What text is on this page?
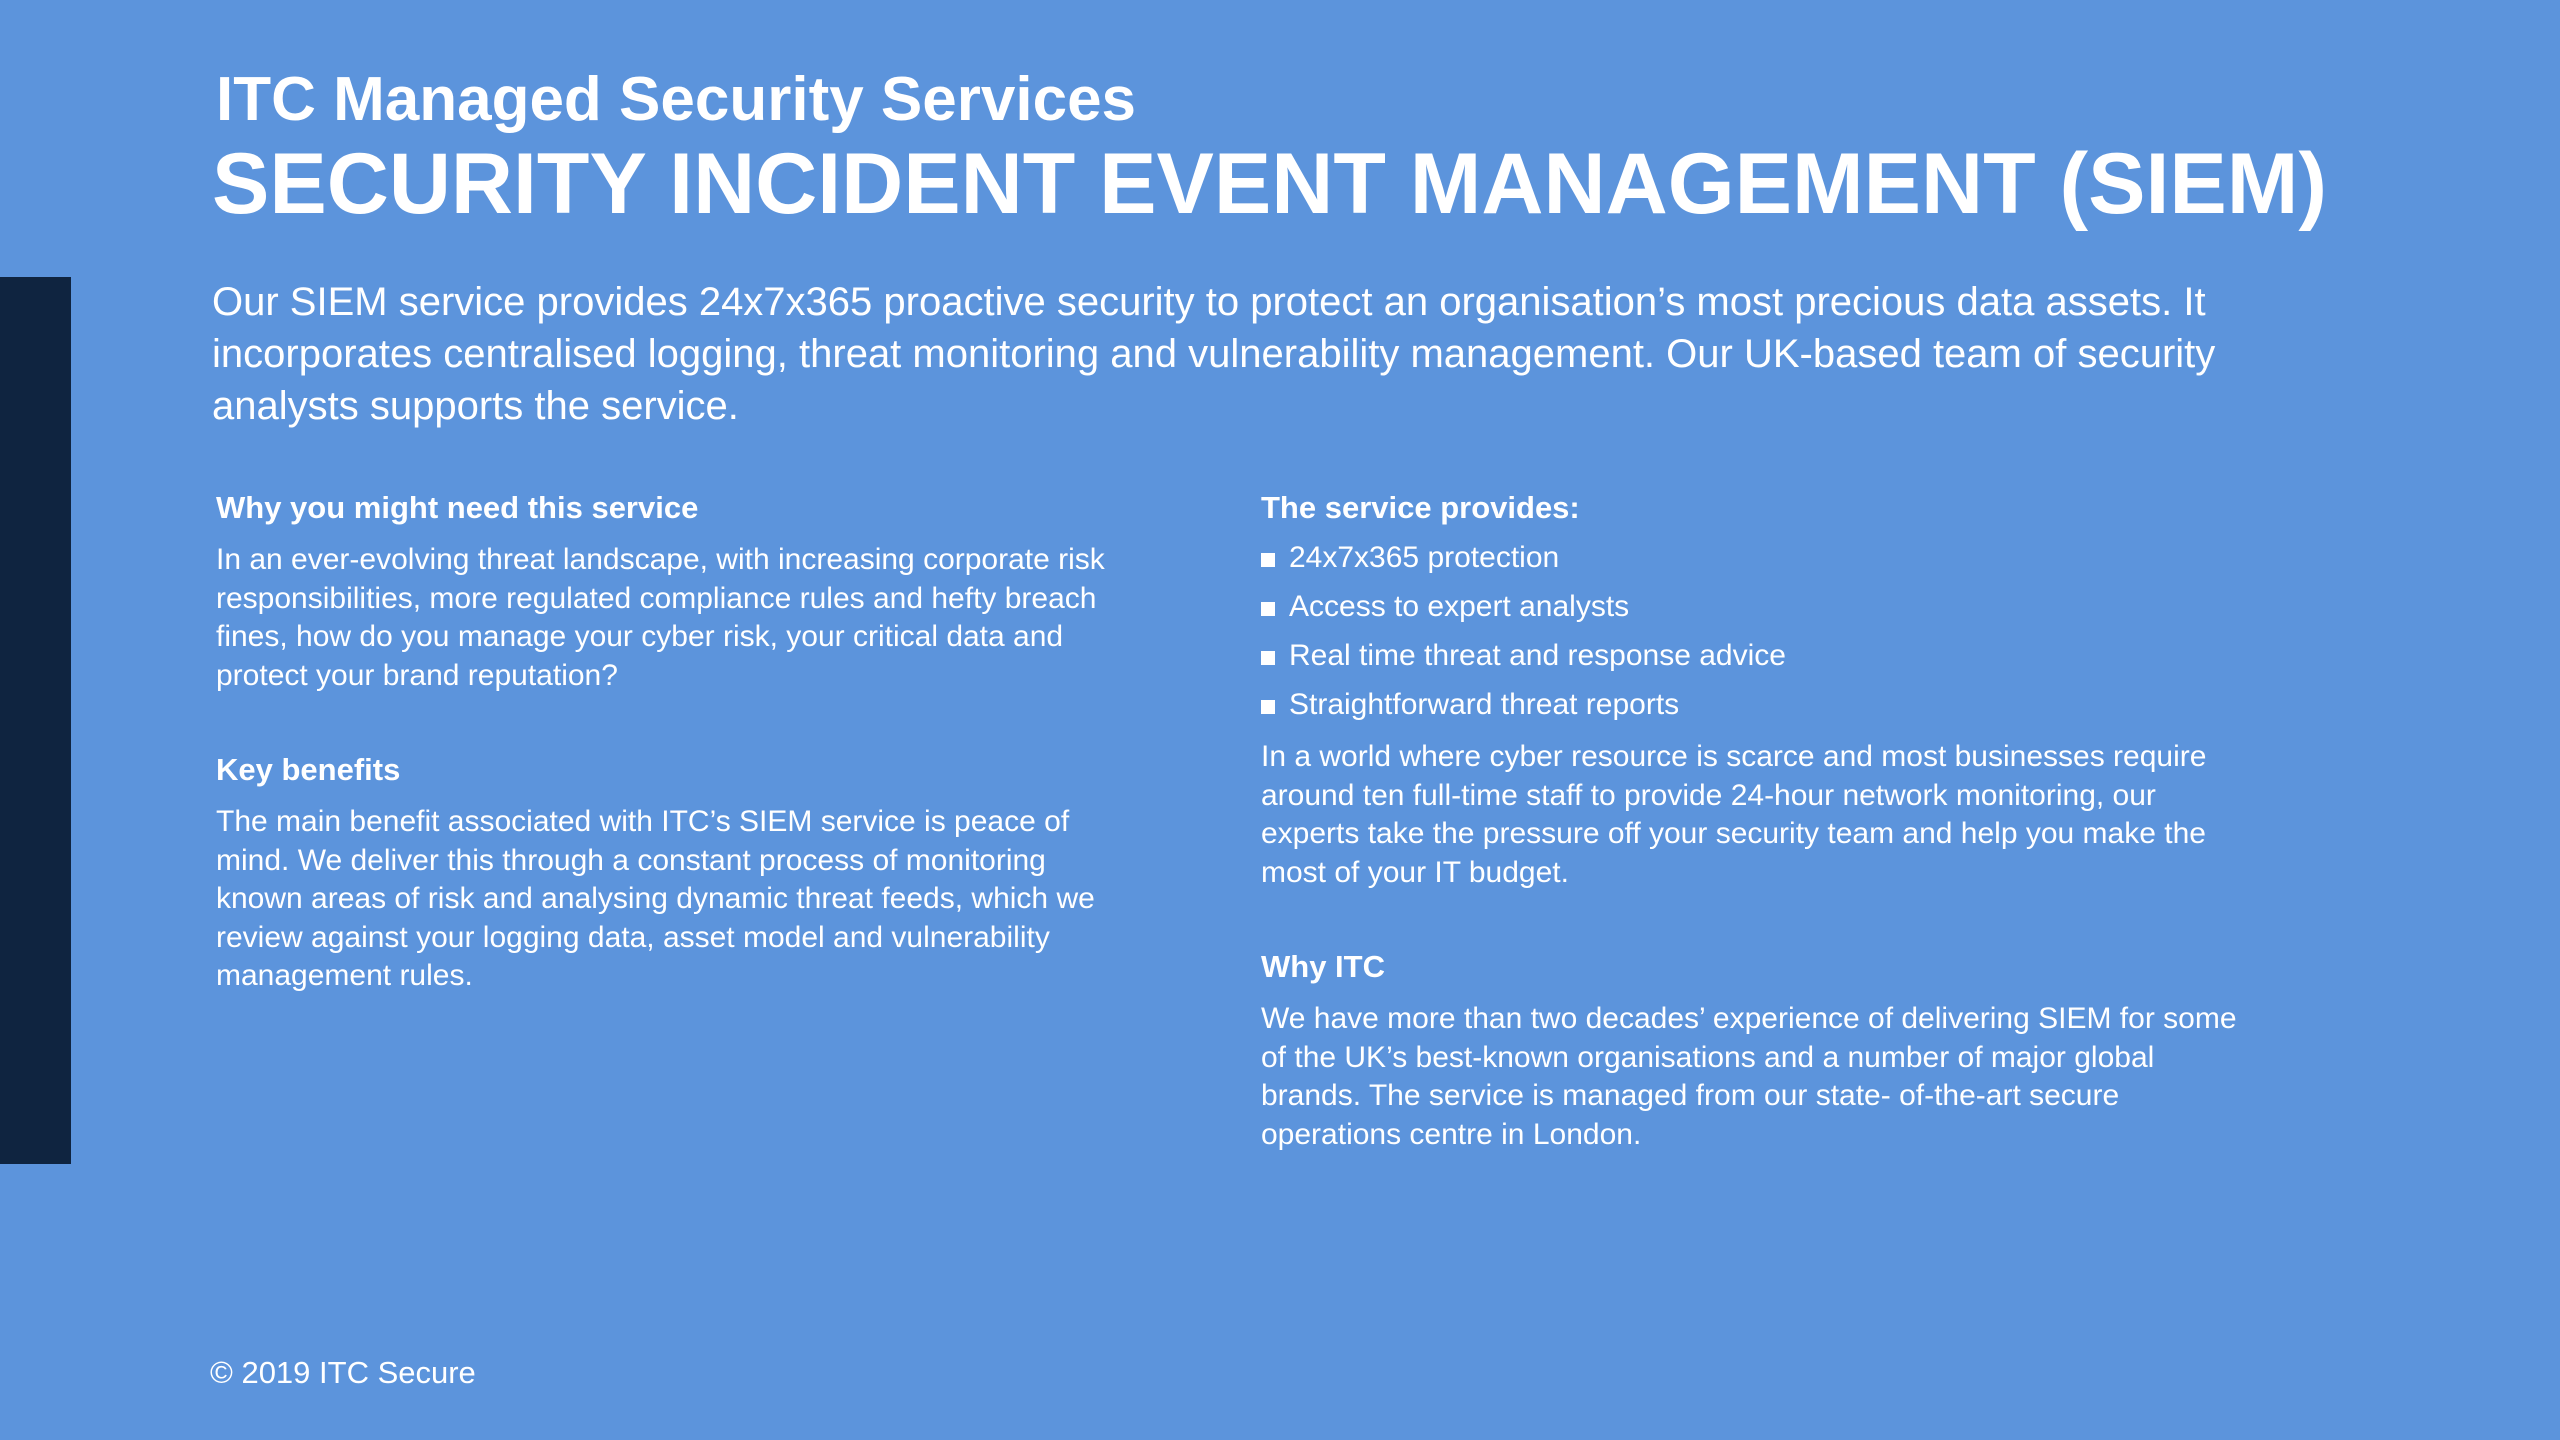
ITC Managed Security Services
SECURITY INCIDENT EVENT MANAGEMENT (SIEM)

Our SIEM service provides 24x7x365 proactive security to protect an organisation’s most precious data assets. It incorporates centralised logging, threat monitoring and vulnerability management. Our UK-based team of security analysts supports the service.

Why you might need this service

In an ever-evolving threat landscape, with increasing corporate risk responsibilities, more regulated compliance rules and hefty breach fines, how do you manage your cyber risk, your critical data and protect your brand reputation?

Key benefits

The main benefit associated with ITC’s SIEM service is peace of mind. We deliver this through a constant process of monitoring known areas of risk and analysing dynamic threat feeds, which we review against your logging data, asset model and vulnerability management rules.

The service provides:
24x7x365 protection
Access to expert analysts
Real time threat and response advice
Straightforward threat reports

In a world where cyber resource is scarce and most businesses require around ten full-time staff to provide 24-hour network monitoring, our experts take the pressure off your security team and help you make the most of your IT budget.

Why ITC

We have more than two decades’ experience of delivering SIEM for some of the UK’s best-known organisations and a number of major global brands. The service is managed from our state- of-the-art secure operations centre in London.

© 2019 ITC Secure
